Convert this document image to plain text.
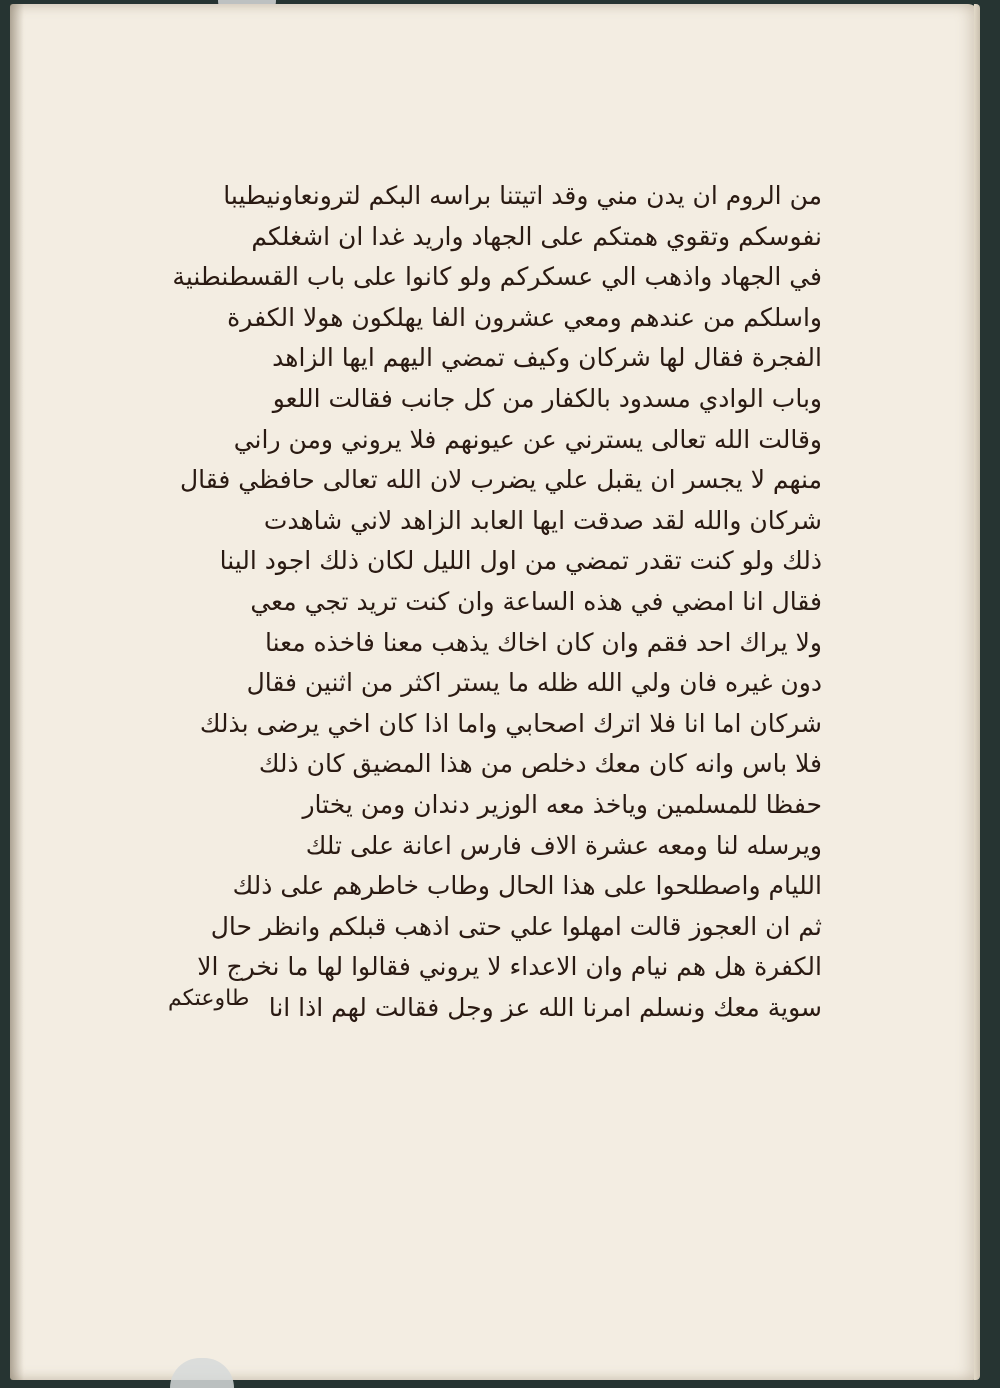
من الروم ان يدن مني وقد اتيتنا براسه البكم لترونعاونيطيبا
نفوسكم وتقوي همتكم على الجهاد واريد غدا ان اشغلكم
في الجهاد واذهب الي عسكركم ولو كانوا على باب القسطنطنية
واسلكم من عندهم ومعي عشرون الفا يهلكون هولا الكفرة
الفجرة فقال لها شركان وكيف تمضي اليهم ايها الزاهد
وباب الوادي مسدود بالكفار من كل جانب فقالت اللعو
وقالت الله تعالى يسترني عن عيونهم فلا يروني ومن راني
منهم لا يجسر ان يقبل علي يضرب لان الله تعالى حافظي فقال
شركان والله لقد صدقت ايها العابد الزاهد لاني شاهدت
ذلك ولو كنت تقدر تمضي من اول الليل لكان ذلك اجود الينا
فقال انا امضي في هذه الساعة وان كنت تريد تجي معي
ولا يراك احد فقم وان كان اخاك يذهب معنا فاخذه معنا
دون غيره فان ولي الله ظله ما يستر اكثر من اثنين فقال
شركان اما انا فلا اترك اصحابي واما اذا كان اخي يرضى بذلك
فلا باس وانه كان معك دخلص من هذا المضيق كان ذلك
حفظا للمسلمين وياخذ معه الوزير دندان ومن يختار
ويرسله لنا ومعه عشرة الاف فارس اعانة على تلك
الليام واصطلحوا على هذا الحال وطاب خاطرهم على ذلك
ثم ان العجوز قالت امهلوا علي حتى اذهب قبلكم وانظر حال
الكفرة هل هم نيام وان الاعداء لا يروني فقالوا لها ما نخرج الا
سوية معك ونسلم امرنا الله عز وجل فقالت لهم اذا انا
طاوعتكم
